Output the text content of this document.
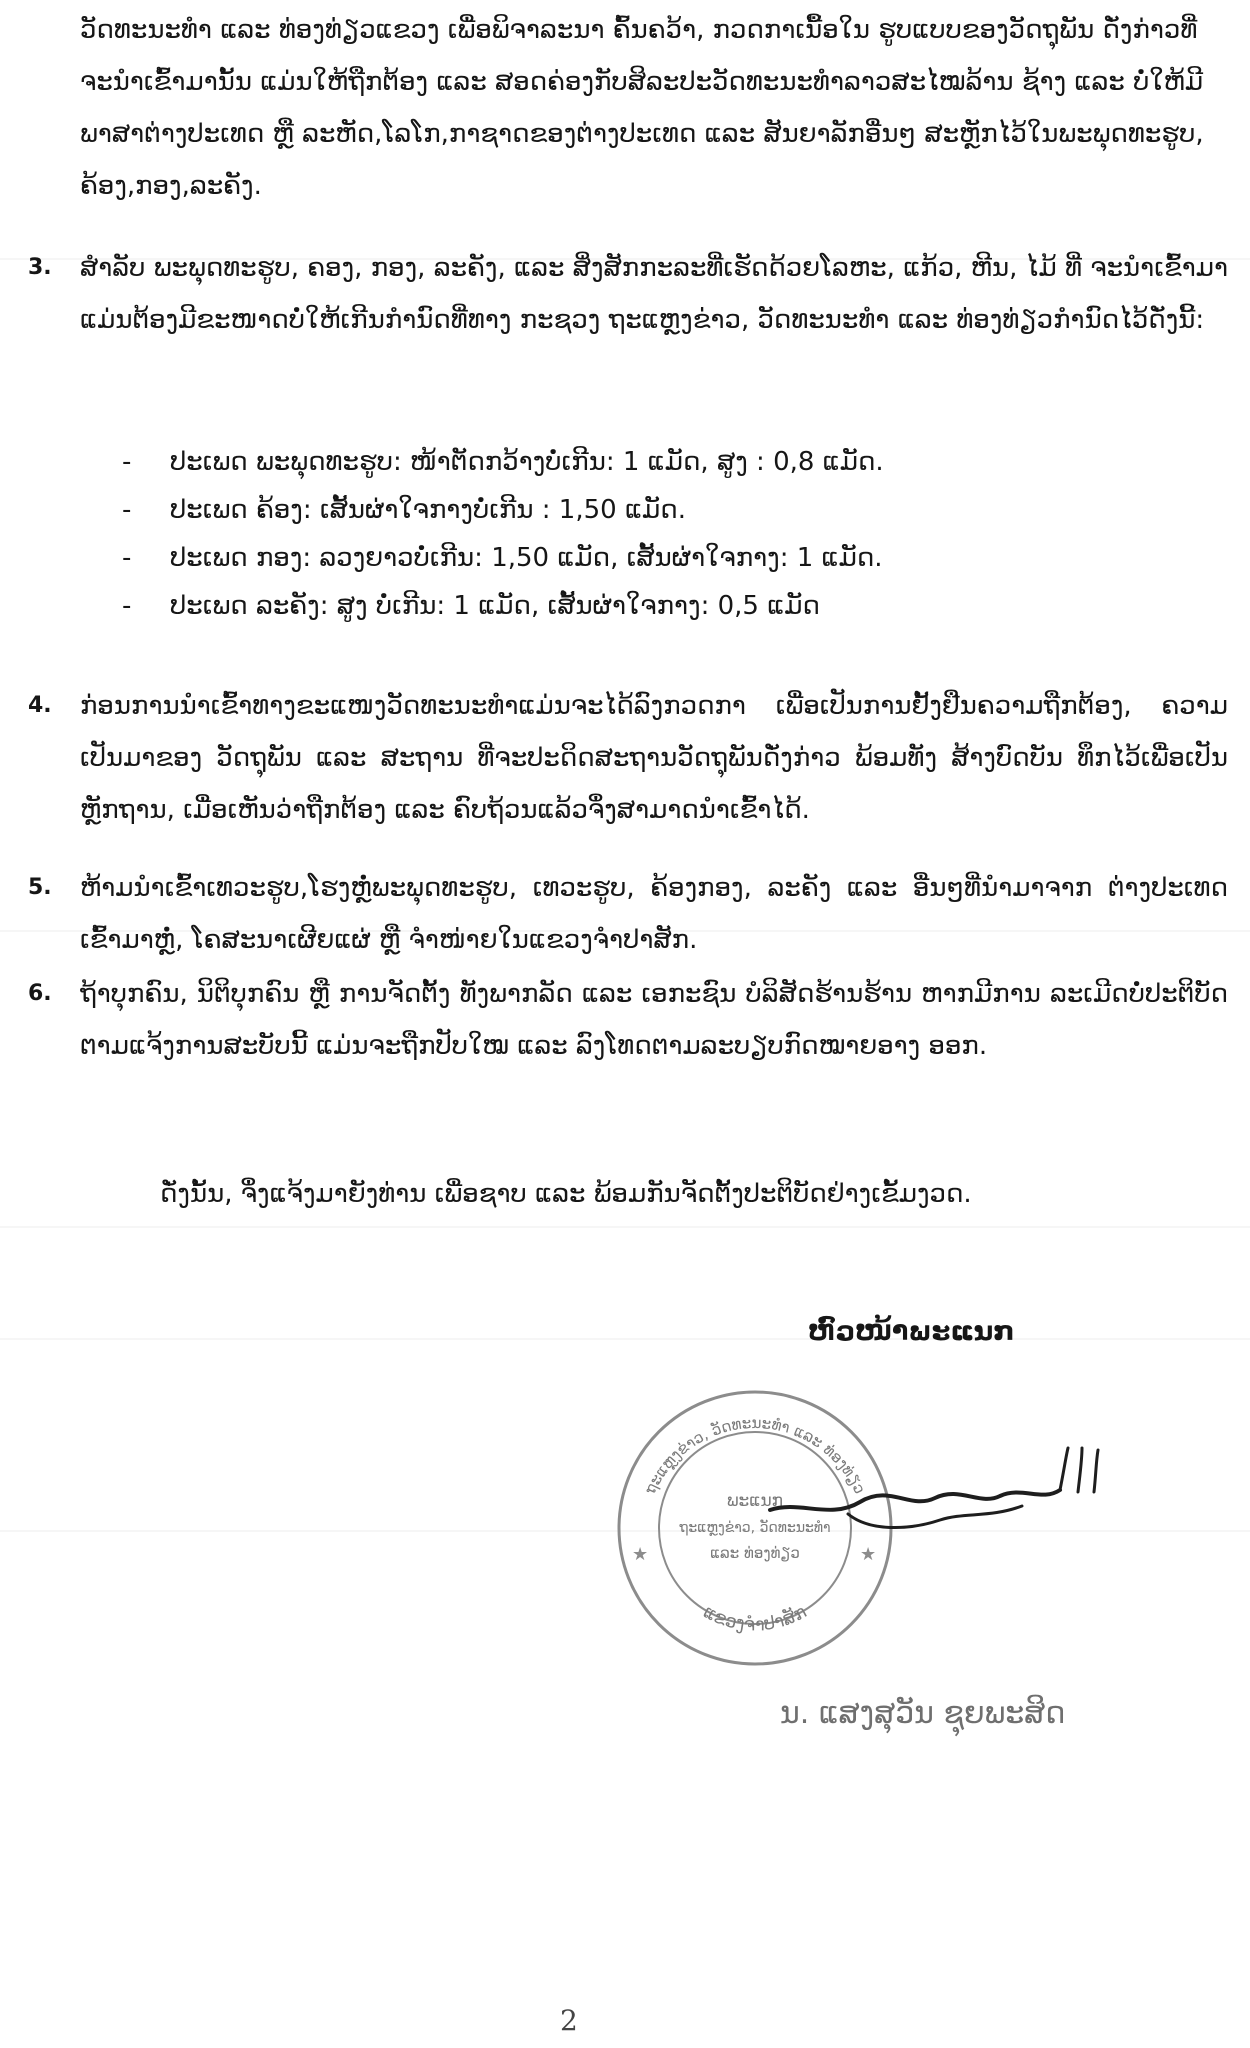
ວັດທະນະທຳ ແລະ ທ່ອງທ່ຽວແຂວງ ເພື່ອພິຈາລະນາ ຄົ້ນຄວ້າ, ກວດກາເນື້ອໃນ ຮູບແບບຂອງວັດຖຸພັນ ດັ່ງກ່າວທີ່ຈະນຳເຂົ້າມານັ້ນ ແມ່ນໃຫ້ຖືກຕ້ອງ ແລະ ສອດຄ່ອງກັບສິລະປະວັດທະນະທຳລາວສະໄໝລ້ານ ຊ້າງ ແລະ ບໍ່ໃຫ້ມີພາສາຕ່າງປະເທດ ຫຼື ລະຫັດ,ໂລໂກ,ກາຊາດຂອງຕ່າງປະເທດ ແລະ ສັນຍາລັກອື່ນໆ ສະຫຼັກໄວ້ໃນພະພຸດທະຮູບ, ຄ້ອງ,ກອງ,ລະຄັງ.

3. ສຳລັບ ພະພຸດທະຮູບ, ຄອງ, ກອງ, ລະຄັງ, ແລະ ສິ່ງສັກກະລະທີ່ເຮັດດ້ວຍໂລຫະ, ແກ້ວ, ຫີນ, ໄມ້ ທີ່ ຈະນຳເຂົ້າມາແມ່ນຕ້ອງມີຂະໜາດບໍ່ໃຫ້ເກີນກຳນົດທີ່ທາງ ກະຊວງ ຖະແຫຼງຂ່າວ, ວັດທະນະທຳ ແລະ ທ່ອງທ່ຽວກຳນົດໄວ້ດັ່ງນີ້:

- ປະເພດ ພະພຸດທະຮູບ: ໜ້າຕັດກວ້າງບໍ່ເກີນ: 1 ແມັດ, ສູງ : 0,8 ແມັດ.
- ປະເພດ ຄ້ອງ: ເສັ້ນຜ່າໃຈກາງບໍ່ເກີນ : 1,50 ແມັດ.
- ປະເພດ ກອງ: ລວງຍາວບໍ່ເກີນ: 1,50 ແມັດ, ເສັ້ນຜ່າໃຈກາງ: 1 ແມັດ.
- ປະເພດ ລະຄັງ: ສູງ ບໍ່ເກີນ: 1 ແມັດ, ເສັ້ນຜ່າໃຈກາງ: 0,5 ແມັດ
4. ກ່ອນການນຳເຂົ້າທາງຂະແໜງວັດທະນະທຳແມ່ນຈະໄດ້ລົງກວດກາ ເພື່ອເປັນການຢັ້ງຢືນຄວາມຖືກຕ້ອງ, ຄວາມເປັນມາຂອງ ວັດຖຸພັນ ແລະ ສະຖານ ທີ່ຈະປະດິດສະຖານວັດຖຸພັນດັ່ງກ່າວ ພ້ອມທັງ ສ້າງບົດບັນ ທຶກໄວ້ເພື່ອເປັນຫຼັກຖານ, ເມື່ອເຫັນວ່າຖືກຕ້ອງ ແລະ ຄົບຖ້ວນແລ້ວຈຶ່ງສາມາດນຳເຂົ້າໄດ້.

5. ຫ້າມນຳເຂົ້າເທວະຮູບ,ໂຮງຫຼໍ່ພະພຸດທະຮູບ, ເທວະຮູບ, ຄ້ອງກອງ, ລະຄັງ ແລະ ອື່ນໆທີ່ນຳມາຈາກ ຕ່າງປະເທດເຂົ້າມາຫຼໍ່, ໂຄສະນາເຜີຍແຜ່ ຫຼື ຈຳໜ່າຍໃນແຂວງຈຳປາສັກ.

6. ຖ້າບຸກຄົນ, ນິຕິບຸກຄົນ ຫຼື ການຈັດຕັ້ງ ທັງພາກລັດ ແລະ ເອກະຊົນ ບໍລິສັດຮ້ານຮ້ານ ຫາກມີການ ລະເມີດບໍ່ປະຕິບັດຕາມແຈ້ງການສະບັບນີ້ ແມ່ນຈະຖືກປັບໃໝ ແລະ ລົງໂທດຕາມລະບຽບກົດໝາຍອາງ ອອກ.

ດັ່ງນັ້ນ, ຈຶ່ງແຈ້ງມາຍັງທ່ານ ເພື່ອຊາບ ແລະ ພ້ອມກັນຈັດຕັ້ງປະຕິບັດຢ່າງເຂັ້ມງວດ.

ຫົວໜ້າພະແນກ

ຖະແຫຼງຂ່າວ, ວັດທະນະທຳ ແລະ ທ່ອງທ່ຽວ
ແຂວງຈຳປາສັກ
ພະແນກ
ຖະແຫຼງຂ່າວ, ວັດທະນະທຳ
ແລະ ທ່ອງທ່ຽວ
★	★

ນ. ແສງສຸວັນ ຊຸຍພະສິດ

2
